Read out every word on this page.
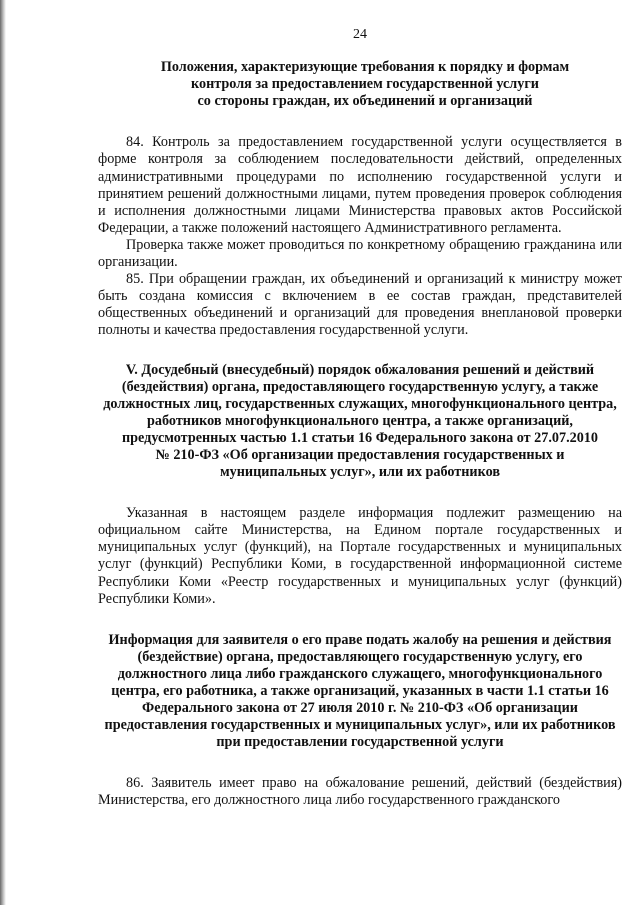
24
Положения, характеризующие требования к порядку и формам
контроля за предоставлением государственной услуги
со стороны граждан, их объединений и организаций

84. Контроль за предоставлением государственной услуги осуществляется в форме контроля за соблюдением последовательности действий, определенных административными процедурами по исполнению государственной услуги и принятием решений должностными лицами, путем проведения проверок соблюдения и исполнения должностными лицами Министерства правовых актов Российской Федерации, а также положений настоящего Административного регламента.

Проверка также может проводиться по конкретному обращению гражданина или организации.

85. При обращении граждан, их объединений и организаций к министру может быть создана комиссия с включением в ее состав граждан, представителей общественных объединений и организаций для проведения внеплановой проверки полноты и качества предоставления государственной услуги.

V. Досудебный (внесудебный) порядок обжалования решений и действий
(бездействия) органа, предоставляющего государственную услугу, а также
должностных лиц, государственных служащих, многофункционального центра,
работников многофункционального центра, а также организаций,
предусмотренных частью 1.1 статьи 16 Федерального закона от 27.07.2010
№ 210-ФЗ «Об организации предоставления государственных и
муниципальных услуг», или их работников

Указанная в настоящем разделе информация подлежит размещению на официальном сайте Министерства, на Едином портале государственных и муниципальных услуг (функций), на Портале государственных и муниципальных услуг (функций) Республики Коми, в государственной информационной системе Республики Коми «Реестр государственных и муниципальных услуг (функций) Республики Коми».

Информация для заявителя о его праве подать жалобу на решения и действия
(бездействие) органа, предоставляющего государственную услугу, его
должностного лица либо гражданского служащего, многофункционального
центра, его работника, а также организаций, указанных в части 1.1 статьи 16
Федерального закона от 27 июля 2010 г. № 210-ФЗ «Об организации
предоставления государственных и муниципальных услуг», или их работников
при предоставлении государственной услуги

86. Заявитель имеет право на обжалование решений, действий (бездействия) Министерства, его должностного лица либо государственного гражданского
